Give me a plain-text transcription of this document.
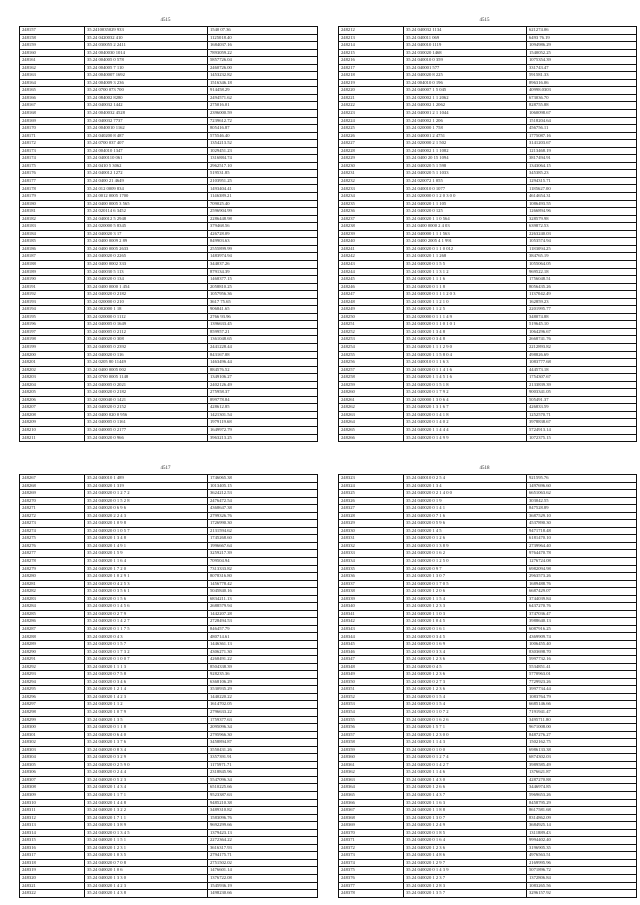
4515
248157	35.2410035029 933	1540 07.36
248158	35.24 0420032 410	1125018.40
248159	35.24 030055 2 2411	1684037.16
248160	35.24 0040030 1014	7893059.22
248161	35.24 004005 0 578	5857726.04
248162	35.24 004005 7 110	2460726.00
248163	35.24 0040007 1692	1453232.82
248164	35.24 004009 3 236	1516346.18
248165	35.24 0700 073 700	914458.29
248166	35.24 084002 8280	2494571.62
248167	35.24 040032 1442	275016.01
248168	35.24 0040032 4528	2396000.59
248169	35.24 040032 7737	7239612.72
248170	35.24 0040010 1162	805416.87
248171	35.24 040200 8 487	575546.40
248172	35.24 0700 037 407	1354213.52
248173	35.24 004010 1347	1029451.23
248174	35.24 0400110 061	1316884.74
248175	35.24 0410 5 3062	2962517.10
248176	35.24 040012 1272	519531.85
248177	35.24 0400 21 4649	2103951.25
248178	35.24 012 0009 834	1493404.41
248179	35.24 0012 0005 1700	1146389.21
248180	35.24 0400 0005 3 565	709025.40
248181	35.24 020114 6 3452	2596904.99
248182	35.24 040012 5 2948	2286448.98
248183	35.24 020000 5 8345	379468.56
248184	35.24 040020 3 17	426728.09
248185	35.24 0400 0009 2 89	849903.63
248186	35.24 0400 0005 2633	2555899.99
248187	35.24 040020 0 2265	1483974.94
248188	35.24 0400 0002 333	344037.26
248189	35.24 040030 5 113	879134.39
248190	35.24 040020 0 134	1468377.15
248191	35.24 0400 0000 1 454	2058810.25
248192	35.24 040020 0 2182	1057956.36
248193	35.24 020000 0 210	3617 75.65
248194	35.24 002000 1 18	906841.65
248195	35.24 020000 0 1112	2766 93.96
248196	35.24 040005 0 1649	1396633.45
248197	35.24 040005 0 2112	859957.21
248198	35.24 040020 0 308	1361048.65
248199	35.24 040005 0 2392	2441228.44
248200	35.24 040020 0 116	843167.88
248201	35.24 0205 80 11449	1463496.44
248202	35.24 0400 0005 002	884576.52
248203	35.24 0700 0005 1148	1349106.27
248204	35.24 040005 0 2021	2402126.49
248205	35.24 040020 0 2182	275958.37
248206	35.24 020040 0 1421	899778.84
248207	35.24 040020 0 2152	428612.85
248208	35.24 0400 020 0 956	1421301.54
248209	35.24 040005 0 1161	1979119.68
248210	35.24 040005 0 2177	1649972.79
248211	35.24 040020 0 966	3963213.25
4515
248212	35.24 040032 1134	621274.06
248213	35.24 040011 069	6493 76.19
248214	35.24 040010 1119	1094986.29
248215	35.24 030020 1468	1540052.25
248216	35.24 040010 0 359	1075354.39
248217	35.24 040001 577	331743.47
248218	35.24 040020 8 225	591581.33
248219	35.24 004010 0 196	896316.06
248220	35.24 040007 1 5 045	40998.0303
248221	35.24 020002 1 1 2062	673036.70
248222	35.24 040002 1 2062	828755.88
248223	35.24 040001 2 1 1044	1060098.67
248224	35.24 040002 1 206	1518204.64
248225	35.24 020000 1 758	456756.11
248226	35.24 040001 2 4751	1775087.16
248227	35.24 020000 2 1 502	3141203.67
248228	35.24 040002 1 1 1082	1213468.19
248229	35.24 0400 20 15 1094	3817494.91
248230	35.24 040020 5 1 598	1343064.15
248231	35.24 040020 5 1 1033	345385.23
248232	35.24 020072 1 055	1294315.71
248233	35.24 040010 0 1077	1185627.00
248234	35.24 020000 0 1 2 0 3 0 0	4614654.31
248235	35.24 040020 1 1 105	1086493.55
248236	35.24 040020 0 125	1266894.96
248237	35.24 040020 1 1 0 564	328579.98
248238	35.24 0400 0000 2 4 03	639872.53
248239	35.24 040000 1 1 1 563	2263240.03
248240	35.24 0400 2005 4 1 991	1053574.94
248241	35.24 040020 0 1 1 0 012	1183094.25
248242	35.24 040020 1 1 268	384765.19
248243	35.24 040020 0 1 5 5	1055064.05
248244	35.24 040020 1 1 3 1 2	969522.18
248245	35.24 040020 1 1 1 6	1756048.51
248246	35.24 040020 0 1 1 8	8056435.26
248247	35.24 040020 0 1 1 1 2 0 3	1137042.49
248248	35.24 040020 1 1 2 1 0	162859.23
248249	35.24 040020 1 1 2 5	2201995.77
248250	35.24 020000 0 1 1 1 4 9	348074.88
248251	35.24 040020 0 1 1 0 1 0 1	519645.10
248252	35.24 040020 1 3 4 8	1064296.67
248253	35.24 040020 0 3 4 8	2668741.76
248254	35.24 040020 1 1 1 2 9 0	2212893.82
248255	35.24 040020 1 1 5 8 0 4	498826.69
248256	35.24 040010 0 1 1 6 3	1083777.68
248257	35.24 040020 0 1 1 4 1 6	444573.18
248258	35.24 040020 1 1 4 5 1 6	1754307.67
248259	35.24 040020 0 1 5 1 8	2133839.39
248260	35.24 040020 0 1 7 9 2	9003341.05
248261	35.24 020000 1 3 0 6 4	505491.37
248262	35.24 040020 1 3 1 6 7	426833.59
248263	35.24 040020 0 1 4 1 8	1252570.71
248264	35.24 040020 0 1 4 0 2	3978838.67
248265	35.24 040020 1 1 4 4 4	5724913.14
248266	35.24 040020 0 1 4 9 9	1072375.15
4517
248267	35.24 040010 1 489	1746065.38
248268	35.24 040020 1 319	1013405.15
248269	35.24 040020 0 1 2 7 2	3624212.53
248270	35.24 040020 0 1 5 2 8	2476472.54
248271	35.24 040020 0 6 9 6	4368647.38
248272	35.24 040020 2 2 4 3	2799326.76
248273	35.24 040020 1 0 9 8	1726990.30
248274	35.24 040020 0 1 0 5 7	2131594.62
248275	35.24 040020 1 3 4 8	1745268.60
248276	35.24 040020 1 4 9 1	1996667.64
248277	35.24 040020 1 5 9	3259217.39
248278	35.24 040020 1 1 6 4	709504.94
248279	35.24 040020 1 7 2 0	7313333.82
248280	35.24 040020 1 0 2 9 1	8078316.80
248281	35.24 040020 0 4 2 5 3	1456778.42
248282	35.24 040020 0 3 5 6 1	5045840.16
248283	35.24 040020 0 1 5 6	6834211.13
248284	35.24 040020 0 1 4 5 6	2688579.94
248285	35.24 040020 0 2 7 9	1442207.28
248286	35.24 040020 0 1 4 2 7	2728494.53
248287	35.24 040020 0 1 1 7 5	846457.79
248288	35.24 040020 0 4 3	480714.61
248289	35.24 040020 0 1 5 7	1446361.13
248290	35.24 040020 0 1 7 3 2	4306271.30
248291	35.24 040020 0 1 0 0 7	4268491.22
248292	35.24 040020 1 1 1 3	8504338.39
248293	35.24 040020 0 7 5 8	928235.36
248294	35.24 040020 0 3 4 6	6368106.29
248295	35.24 040020 1 2 1 4	3530935.29
248296	35.24 040020 1 4 2 3	1440220.22
248297	35.24 040020 1 1 2	1614702.05
248298	35.24 040020 1 0 7 9	2796633.22
248299	35.24 040020 1 3 5	1759377.63
248300	35.24 040020 0 1 1 8	2095096.34
248301	35.24 040020 0 6 4 0	2795966.30
248302	35.24 040020 1 3 7 6	3458894.87
248303	35.24 040020 0 8 3 4	3550431.26
248304	35.24 040020 0 3 2 9	3357391.91
248305	35.24 040020 0 2 5 9 0	1175971.71
248306	35.24 040020 0 2 4 4	2318845.96
248307	35.24 040020 0 5 2 3	5547096.34
248308	35.24 040020 1 4 3 4	6510225.66
248309	35.24 040020 1 1 7 1	9523387.63
248310	35.24 040020 1 4 4 8	9485210.38
248311	35.24 040020 1 3 2 2	3489310.82
248312	35.24 040020 1 7 1 1	1583096.76
248313	35.24 040020 1 3 8 9	9692299.66
248314	35.24 040020 0 1 3 4 5	1379423.13
248315	35.24 040020 1 1 5 1	2272364.22
248316	35.24 040020 1 2 3 1	3616317.93
248317	35.24 040020 1 0 3 5	2794175.71
248318	35.24 040020 0 7 0 8	2751502.02
248319	35.24 040020 1 0 6	1476601.14
248320	35.24 040020 1 3 3 0	1376722.08
248321	35.24 040020 1 4 2 3	1545936.19
248322	35.24 040020 1 4 3 8	1498230.66
4518
248323	35.24 040010 0 2 5 4	921595.76
248324	35.24 040020 1 3 4	1497696.60
248325	35.24 040020 0 2 1 4 0 0	6651063.62
248326	35.24 040020 0 1 9	303042.55
248327	35.24 040020 0 1 4 1	847528.89
248328	35.24 040020 0 7 1 6	3687529.10
248329	35.24 040020 0 5 9 6	4537890.30
248330	35.24 040020 1 4 5	9471718.48
248331	35.24 040020 0 1 2 6	6181470.10
248332	35.24 040020 0 1 3 8 9	2739964.40
248333	35.24 040020 0 1 6 2	9764470.78
248334	35.24 040020 0 1 2 5 0	1276724.08
248335	35.24 040020 0 9 7	6982094.98
248336	35.24 040020 1 3 0 7	2963573.26
248337	35.24 040020 0 1 7 0 5	1689488.76
248338	35.24 040020 1 2 0 6	6687429.07
248339	35.24 040020 1 1 5 4	3744039.84
248340	35.24 040020 1 2 3 3	6437270.76
248341	35.24 040020 1 1 0 3	3747036.47
248342	35.24 040020 1 0 4 5	3988640.13
248343	35.24 040020 0 1 6 1	6087916.25
248344	35.24 040020 0 3 4 5	4369909.74
248345	35.24 040020 0 1 6 9	1006455.40
248346	35.24 040020 0 3 3 4	8303698.70
248347	35.24 040020 1 2 3 6	5997732.16
248348	35.24 040020 0 4 5	5534851.41
248349	35.24 040020 1 2 3 6	5770963.01
248350	35.24 040020 0 2 7 3	7729923.26
248351	35.24 040020 1 2 3 6	3997734.44
248352	35.24 040020 0 1 5 4	1083764.79
248353	35.24 040020 0 1 5 4	6685146.66
248354	35.24 040020 0 1 0 7 2	7191941.47
248355	35.24 040020 0 1 6 2 6	3495711.80
248356	35.24 040020 1 5 7 1	9671008.00
248357	35.24 040020 1 2 3 0 0	8487276.27
248358	35.24 040020 1 1 4 3	1502162.75
248359	35.24 040020 0 1 0 0	6986133.38
248360	35.24 040020 0 1 2 7 4	6874302.03
248361	35.24 040020 0 1 4 2 7	3989585.49
248362	35.24 040020 1 1 4 6	1376621.87
248363	35.24 040020 1 4 3 0	4287270.88
248364	35.24 040020 1 2 6 6	3446974.85
248365	35.24 040020 1 4 3 7	5969653.26
248366	35.24 040020 1 1 6 3	8458795.29
248367	35.24 040020 1 1 8 8	8617581.68
248368	35.24 040020 1 3 0 7	8314862.09
248369	35.24 040020 1 2 4 9	3684925.14
248370	35.24 040020 0 1 8 5	1311889.43
248371	35.24 040020 0 1 6 4	9994402.40
248372	35.24 040020 1 2 3 6	3196905.35
248373	35.24 040020 1 4 8 6	4976563.51
248374	35.24 040020 1 2 9 7	2169995.96
248375	35.24 040020 0 1 4 3 9	5071896.72
248376	35.24 040020 1 2 3 7	1372806.84
248377	35.24 040020 1 2 8 3	1083265.56
248378	35.24 040020 1 3 5 7	3296157.92
